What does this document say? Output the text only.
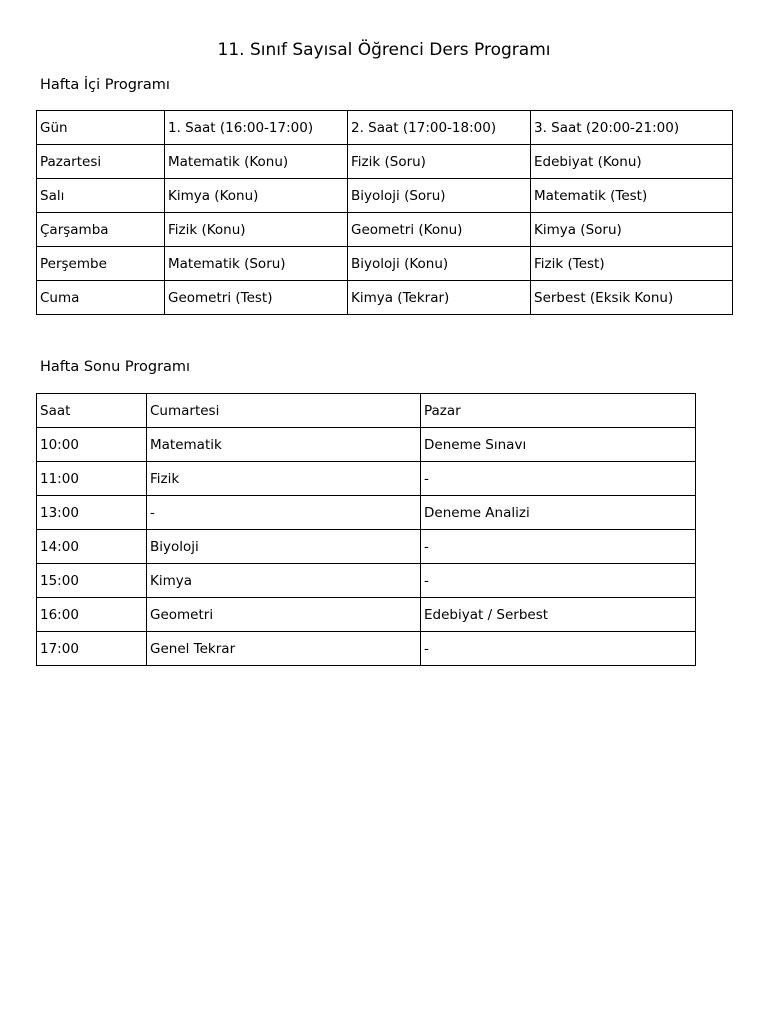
11. Sınıf Sayısal Öğrenci Ders Programı
Hafta İçi Programı
Gün	1. Saat (16:00-17:00)	2. Saat (17:00-18:00)	3. Saat (20:00-21:00)
Pazartesi	Matematik (Konu)	Fizik (Soru)	Edebiyat (Konu)
Salı	Kimya (Konu)	Biyoloji (Soru)	Matematik (Test)
Çarşamba	Fizik (Konu)	Geometri (Konu)	Kimya (Soru)
Perşembe	Matematik (Soru)	Biyoloji (Konu)	Fizik (Test)
Cuma	Geometri (Test)	Kimya (Tekrar)	Serbest (Eksik Konu)
Hafta Sonu Programı
Saat	Cumartesi	Pazar
10:00	Matematik	Deneme Sınavı
11:00	Fizik	-
13:00	-	Deneme Analizi
14:00	Biyoloji	-
15:00	Kimya	-
16:00	Geometri	Edebiyat / Serbest
17:00	Genel Tekrar	-
